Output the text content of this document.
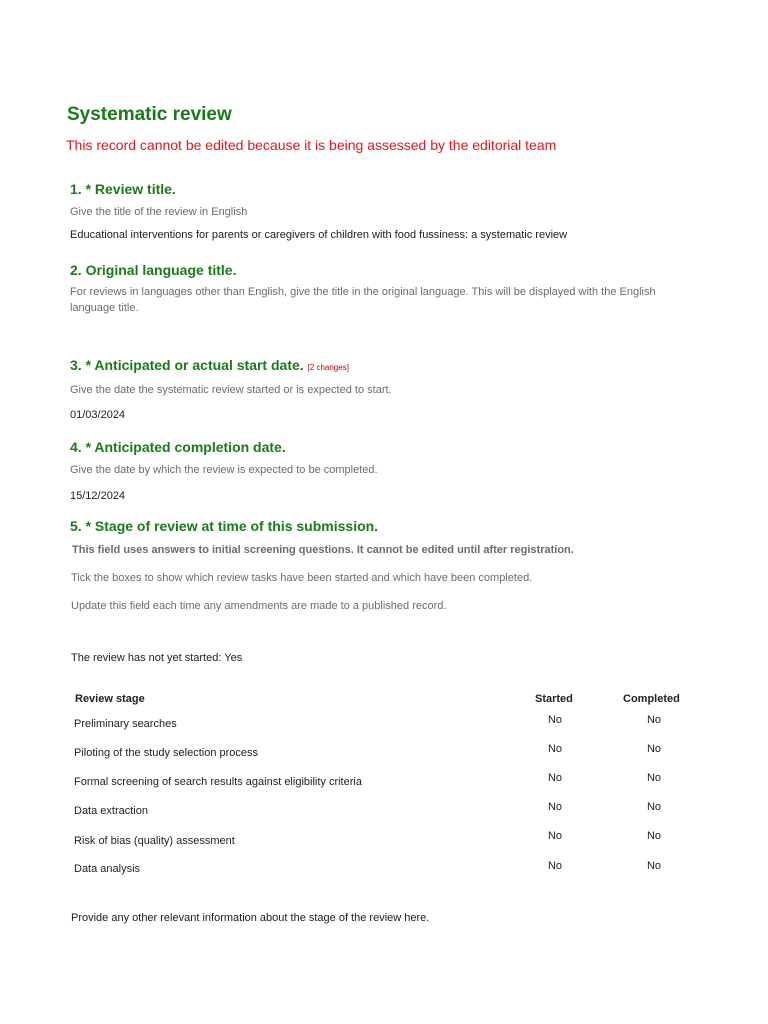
Systematic review
This record cannot be edited because it is being assessed by the editorial team
1. * Review title.
Give the title of the review in English
Educational interventions for parents or caregivers of children with food fussiness: a systematic review
2. Original language title.
For reviews in languages other than English, give the title in the original language. This will be displayed with the English language title.
3. * Anticipated or actual start date. [2 changes]
Give the date the systematic review started or is expected to start.
01/03/2024
4. * Anticipated completion date.
Give the date by which the review is expected to be completed.
15/12/2024
5. * Stage of review at time of this submission.
This field uses answers to initial screening questions. It cannot be edited until after registration.
Tick the boxes to show which review tasks have been started and which have been completed.
Update this field each time any amendments are made to a published record.
The review has not yet started: Yes
Review stage	Started	Completed
Preliminary searches	No	No
Piloting of the study selection process	No	No
Formal screening of search results against eligibility criteria	No	No
Data extraction	No	No
Risk of bias (quality) assessment	No	No
Data analysis	No	No
Provide any other relevant information about the stage of the review here.
